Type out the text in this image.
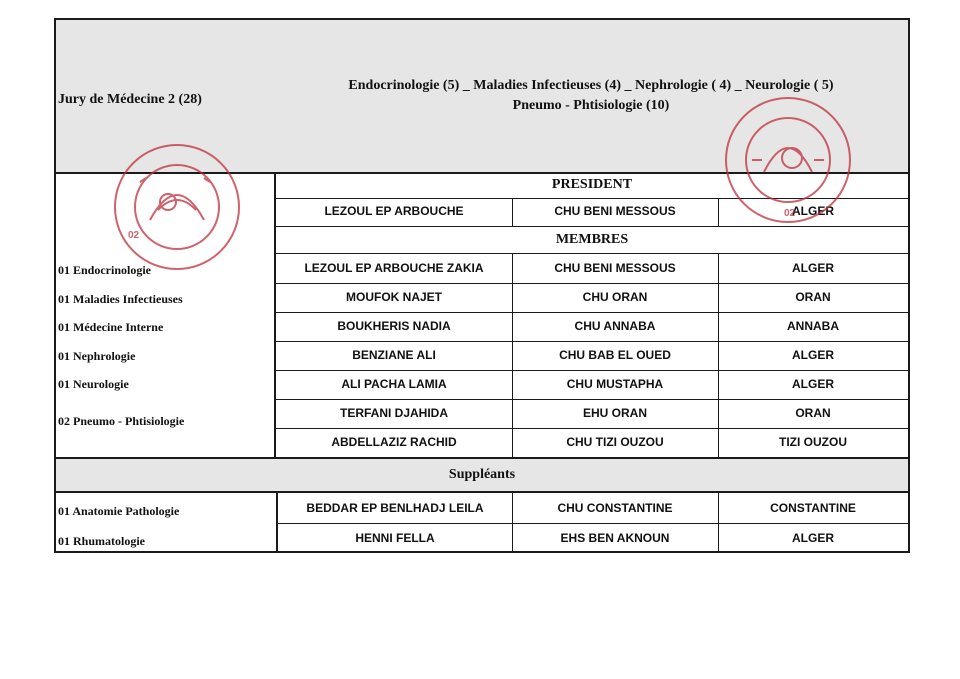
Jury de Médecine 2 (28)
Endocrinologie (5) _ Maladies Infectieuses (4) _ Nephrologie ( 4) _ Neurologie ( 5)
Pneumo - Phtisiologie (10)
01 Endocrinologie
01 Maladies Infectieuses
01 Médecine Interne
01 Nephrologie
01 Neurologie
02 Pneumo - Phtisiologie
PRESIDENT
LEZOUL EP ARBOUCHE	CHU BENI MESSOUS	ALGER
MEMBRES
LEZOUL EP ARBOUCHE ZAKIA	CHU BENI MESSOUS	ALGER
MOUFOK NAJET	CHU ORAN	ORAN
BOUKHERIS NADIA	CHU ANNABA	ANNABA
BENZIANE ALI	CHU BAB EL OUED	ALGER
ALI PACHA LAMIA	CHU MUSTAPHA	ALGER
TERFANI DJAHIDA	EHU ORAN	ORAN
ABDELLAZIZ RACHID	CHU TIZI OUZOU	TIZI OUZOU
Suppléants
01 Anatomie Pathologie
01 Rhumatologie
BEDDAR EP BENLHADJ LEILA	CHU CONSTANTINE	CONSTANTINE
HENNI FELLA	EHS BEN AKNOUN	ALGER
02
02
